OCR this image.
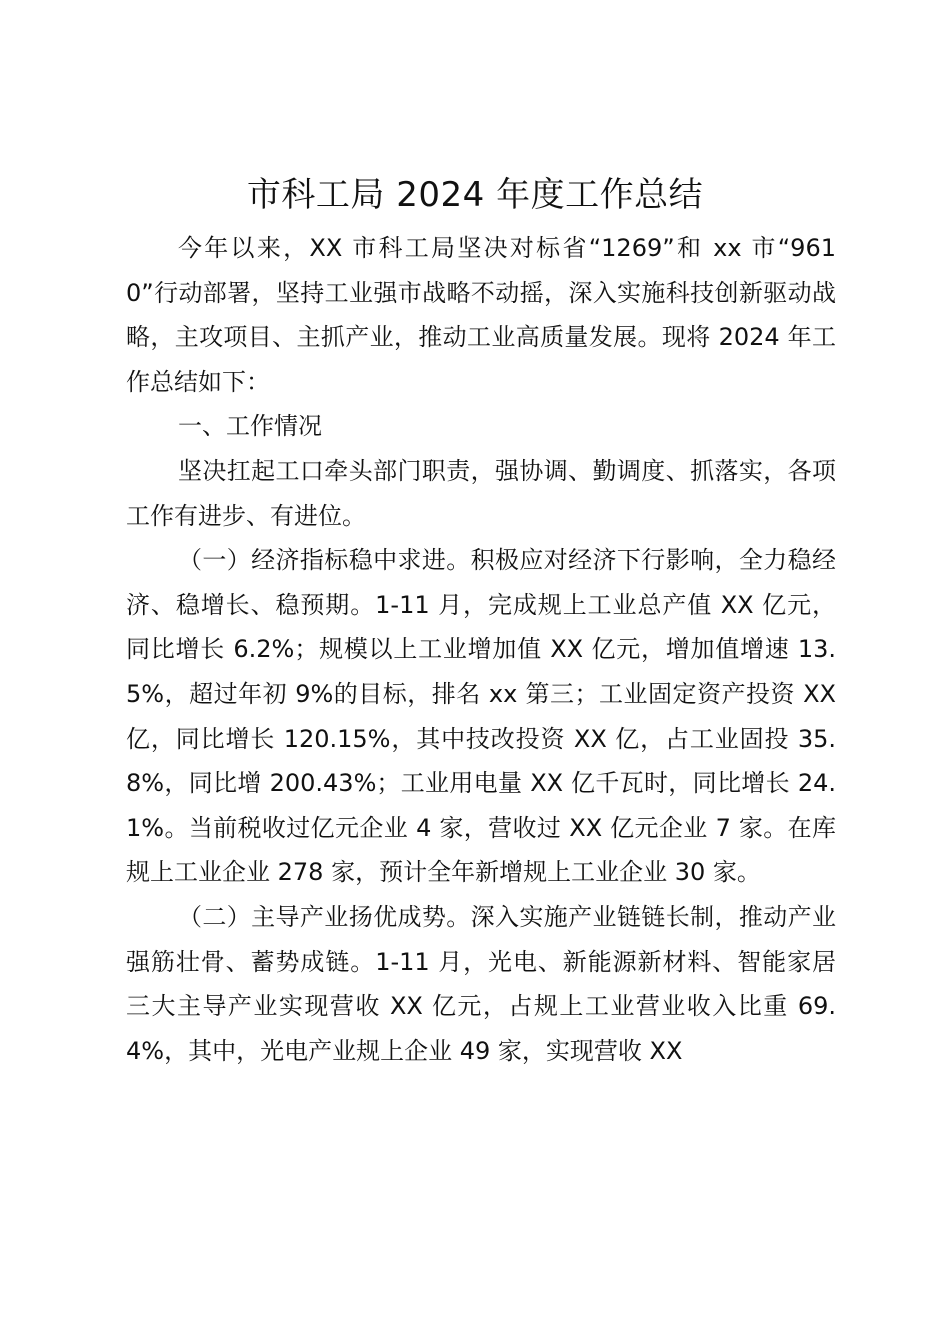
市科工局 2024 年度工作总结

今年以来，XX 市科工局坚决对标省“1269”和 xx 市“9610”行动部署，坚持工业强市战略不动摇，深入实施科技创新驱动战略，主攻项目、主抓产业，推动工业高质量发展。现将 2024 年工作总结如下：

一、工作情况

坚决扛起工口牵头部门职责，强协调、勤调度、抓落实，各项工作有进步、有进位。

（一）经济指标稳中求进。积极应对经济下行影响，全力稳经济、稳增长、稳预期。1-11 月，完成规上工业总产值 XX 亿元，同比增长 6.2%；规模以上工业增加值 XX 亿元，增加值增速 13.5%，超过年初 9%的目标，排名 xx 第三；工业固定资产投资 XX 亿，同比增长 120.15%，其中技改投资 XX 亿，占工业固投 35.8%，同比增 200.43%；工业用电量 XX 亿千瓦时，同比增长 24.1%。当前税收过亿元企业 4 家，营收过 XX 亿元企业 7 家。在库规上工业企业 278 家，预计全年新增规上工业企业 30 家。

（二）主导产业扬优成势。深入实施产业链链长制，推动产业强筋壮骨、蓄势成链。1-11 月，光电、新能源新材料、智能家居三大主导产业实现营收 XX 亿元，占规上工业营业收入比重 69.4%，其中，光电产业规上企业 49 家，实现营收 XX
